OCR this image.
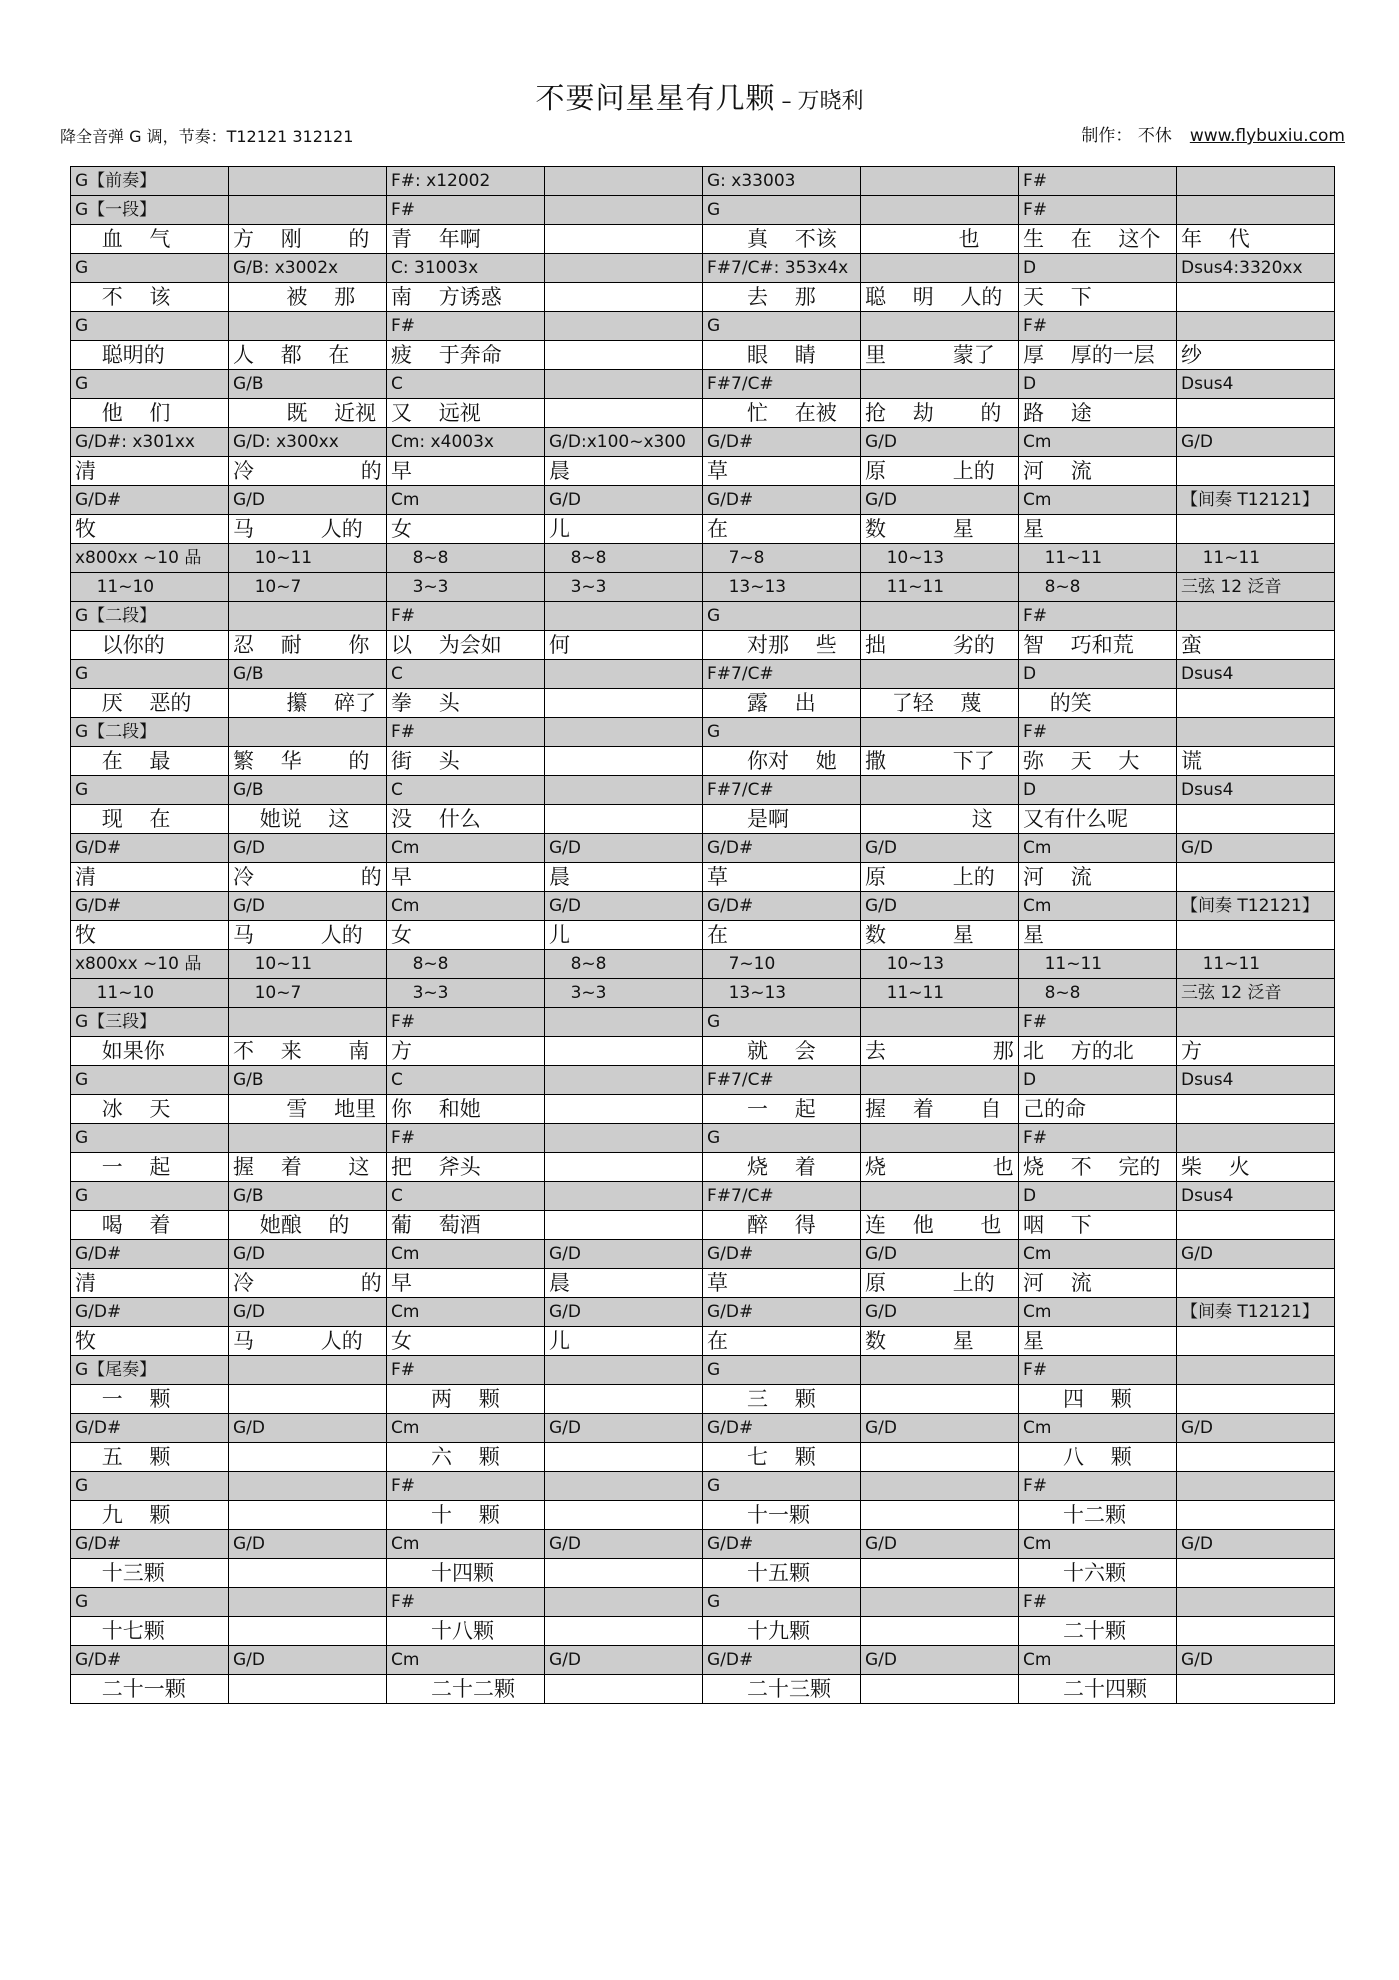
不要问星星有几颗 – 万晓利
降全音弹 G 调，节奏：T12121 312121	制作： 不休 www.flybuxiu.com
G【前奏】		F#: x12002		G: x33003		F#	
G【一段】		F#		G		F#	
血    气	方    刚       的	青    年啊		真    不该	也	生    在    这个	年    代
G	G/B: x3002x	C: 31003x		F#7/C#: 353x4x		D	Dsus4:3320xx
不    该	被    那	南    方诱惑		去    那	聪    明    人的	天    下	
G		F#		G		F#	
聪明的	人    都    在	疲    于奔命		眼    睛	里          蒙了	厚    厚的一层	纱
G	G/B	C		F#7/C#		D	Dsus4
他    们	既    近视	又    远视		忙    在被	抢    劫       的	路    途	
G/D#: x301xx	G/D: x300xx	Cm: x4003x	G/D:x100~x300	G/D#	G/D	Cm	G/D
清	冷                的	早	晨	草	原          上的	河    流	
G/D#	G/D	Cm	G/D	G/D#	G/D	Cm	【间奏 T12121】
牧	马          人的	女	儿	在	数          星	星	
x800xx ~10 品	10~11	8~8	8~8	7~8	10~13	11~11	11~11
11~10	10~7	3~3	3~3	13~13	11~11	8~8	三弦 12 泛音
G【二段】		F#		G		F#	
以你的	忍    耐       你	以    为会如	何	对那    些	拙          劣的	智    巧和荒	蛮
G	G/B	C		F#7/C#		D	Dsus4
厌    恶的	攥    碎了	拳    头		露    出	了轻    蔑	的笑	
G【二段】		F#		G		F#	
在    最	繁    华       的	街    头		你对    她	撒          下了	弥    天    大	谎
G	G/B	C		F#7/C#		D	Dsus4
现    在	她说    这	没    什么		是啊	这	又有什么呢	
G/D#	G/D	Cm	G/D	G/D#	G/D	Cm	G/D
清	冷                的	早	晨	草	原          上的	河    流	
G/D#	G/D	Cm	G/D	G/D#	G/D	Cm	【间奏 T12121】
牧	马          人的	女	儿	在	数          星	星	
x800xx ~10 品	10~11	8~8	8~8	7~10	10~13	11~11	11~11
11~10	10~7	3~3	3~3	13~13	11~11	8~8	三弦 12 泛音
G【三段】		F#		G		F#	
如果你	不    来       南	方		就    会	去                那	北    方的北	方
G	G/B	C		F#7/C#		D	Dsus4
冰    天	雪    地里	你    和她		一    起	握    着       自	己的命	
G		F#		G		F#	
一    起	握    着       这	把    斧头		烧    着	烧                也	烧    不    完的	柴    火
G	G/B	C		F#7/C#		D	Dsus4
喝    着	她酿    的	葡    萄酒		醉    得	连    他       也	咽    下	
G/D#	G/D	Cm	G/D	G/D#	G/D	Cm	G/D
清	冷                的	早	晨	草	原          上的	河    流	
G/D#	G/D	Cm	G/D	G/D#	G/D	Cm	【间奏 T12121】
牧	马          人的	女	儿	在	数          星	星	
G【尾奏】		F#		G		F#	
一    颗		两    颗		三    颗		四    颗	
G/D#	G/D	Cm	G/D	G/D#	G/D	Cm	G/D
五    颗		六    颗		七    颗		八    颗	
G		F#		G		F#	
九    颗		十    颗		十一颗		十二颗	
G/D#	G/D	Cm	G/D	G/D#	G/D	Cm	G/D
十三颗		十四颗		十五颗		十六颗	
G		F#		G		F#	
十七颗		十八颗		十九颗		二十颗	
G/D#	G/D	Cm	G/D	G/D#	G/D	Cm	G/D
二十一颗		二十二颗		二十三颗		二十四颗	
